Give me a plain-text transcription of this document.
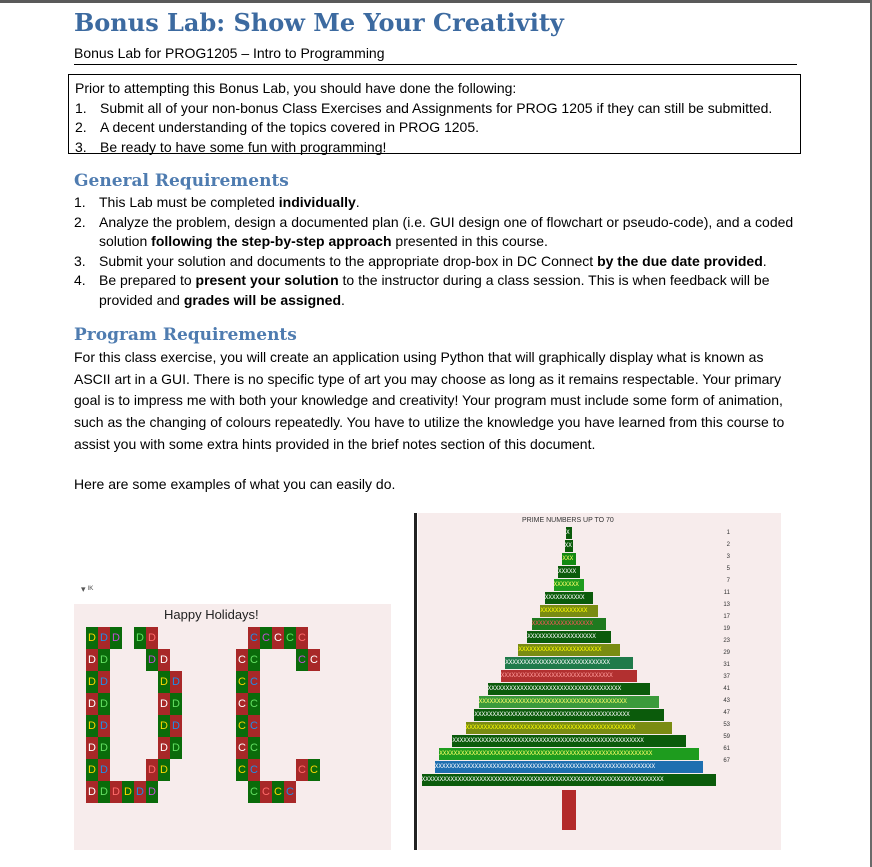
Bonus Lab: Show Me Your Creativity
Bonus Lab for PROG1205 – Intro to Programming
Prior to attempting this Bonus Lab, you should have done the following:
1. Submit all of your non-bonus Class Exercises and Assignments for PROG 1205 if they can still be submitted.
2. A decent understanding of the topics covered in PROG 1205.
3. Be ready to have some fun with programming!
General Requirements
1. This Lab must be completed individually.
2. Analyze the problem, design a documented plan (i.e. GUI design one of flowchart or pseudo-code), and a coded solution following the step-by-step approach presented in this course.
3. Submit your solution and documents to the appropriate drop-box in DC Connect by the due date provided.
4. Be prepared to present your solution to the instructor during a class session. This is when feedback will be provided and grades will be assigned.
Program Requirements

For this class exercise, you will create an application using Python that will graphically display what is known as ASCII art in a GUI. There is no specific type of art you may choose as long as it remains respectable. Your primary goal is to impress me with both your knowledge and creativity! Your program must include some form of animation, such as the changing of colours repeatedly. You have to utilize the knowledge you have learned from this course to assist you with some extra hints provided in the brief notes section of this document.

Here are some examples of what you can easily do.

▾ ᴵᴷ
Happy Holidays!
D D D D D
D D	D D
D D	D D
D D	D D
D D	D D
D D	D D
D D	D D
D D D D D D
C C C C C
C C	C C
C C
C C
C C
C C
C C	C C
C C C C
PRIME NUMBERS UP TO 70
X
XX
XXX
XXXXX
XXXXXXX
XXXXXXXXXXX
XXXXXXXXXXXXX
XXXXXXXXXXXXXXXXX
XXXXXXXXXXXXXXXXXXX
XXXXXXXXXXXXXXXXXXXXXXX
XXXXXXXXXXXXXXXXXXXXXXXXXXXXX
XXXXXXXXXXXXXXXXXXXXXXXXXXXXXXX
XXXXXXXXXXXXXXXXXXXXXXXXXXXXXXXXXXXXX
XXXXXXXXXXXXXXXXXXXXXXXXXXXXXXXXXXXXXXXXX
XXXXXXXXXXXXXXXXXXXXXXXXXXXXXXXXXXXXXXXXXXX
XXXXXXXXXXXXXXXXXXXXXXXXXXXXXXXXXXXXXXXXXXXXXXX
XXXXXXXXXXXXXXXXXXXXXXXXXXXXXXXXXXXXXXXXXXXXXXXXXXXXX
XXXXXXXXXXXXXXXXXXXXXXXXXXXXXXXXXXXXXXXXXXXXXXXXXXXXXXXXXXX
XXXXXXXXXXXXXXXXXXXXXXXXXXXXXXXXXXXXXXXXXXXXXXXXXXXXXXXXXXXXX
XXXXXXXXXXXXXXXXXXXXXXXXXXXXXXXXXXXXXXXXXXXXXXXXXXXXXXXXXXXXXXXXXXX
1
2
3
5
7
11
13
17
19
23
29
31
37
41
43
47
53
59
61
67
